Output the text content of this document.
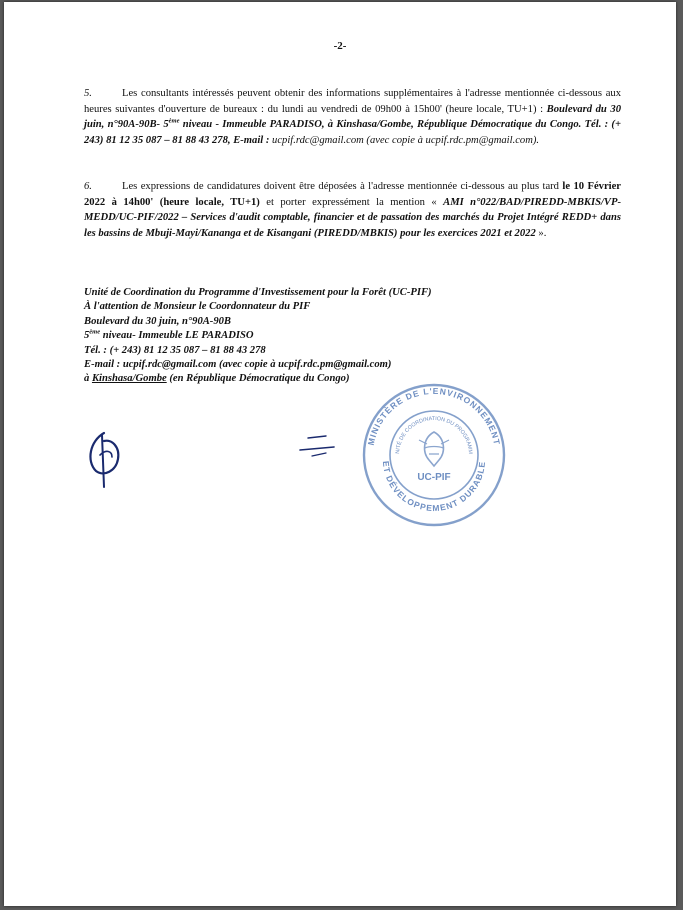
-2-

5.	Les consultants intéressés peuvent obtenir des informations supplémentaires à l'adresse mentionnée ci-dessous aux heures suivantes d'ouverture de bureaux : du lundi au vendredi de 09h00 à 15h00' (heure locale, TU+1) : Boulevard du 30 juin, n°90A-90B- 5ème niveau - Immeuble PARADISO, à Kinshasa/Gombe, République Démocratique du Congo. Tél. : (+ 243) 81 12 35 087 – 81 88 43 278, E-mail : ucpif.rdc@gmail.com (avec copie à ucpif.rdc.pm@gmail.com).

6.	Les expressions de candidatures doivent être déposées à l'adresse mentionnée ci-dessous au plus tard le 10 Février 2022 à 14h00' (heure locale, TU+1) et porter expressément la mention « AMI n°022/BAD/PIREDD-MBKIS/VP-MEDD/UC-PIF/2022 – Services d'audit comptable, financier et de passation des marchés du Projet Intégré REDD+ dans les bassins de Mbuji-Mayi/Kananga et de Kisangani (PIREDD/MBKIS) pour les exercices 2021 et 2022 ».

Unité de Coordination du Programme d'Investissement pour la Forêt (UC-PIF)
À l'attention de Monsieur le Coordonnateur du PIF
Boulevard du 30 juin, n°90A-90B
5ème niveau- Immeuble LE PARADISO
Tél. : (+ 243) 81 12 35 087 – 81 88 43 278
E-mail : ucpif.rdc@gmail.com (avec copie à ucpif.rdc.pm@gmail.com)
à Kinshasa/Gombe (en République Démocratique du Congo)
MINISTÈRE DE L'ENVIRONNEMENT
ET DÉVELOPPEMENT DURABLE
NITÉ DE COORDINATION DU PROGRAMM
UC-PIF
